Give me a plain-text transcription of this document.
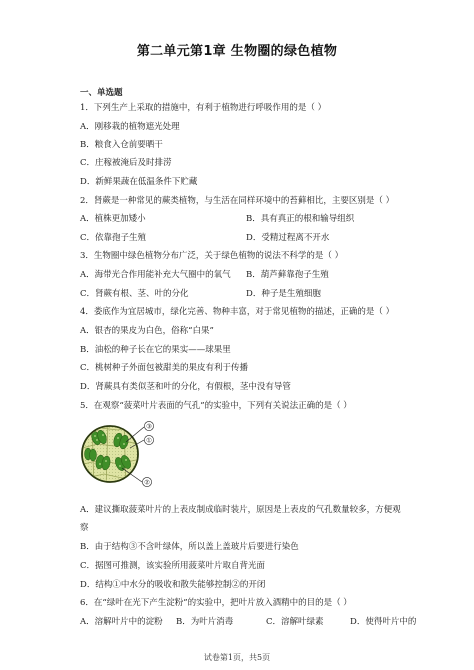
第二单元第1章 生物圈的绿色植物
一、单选题
1．下列生产上采取的措施中，有利于植物进行呼吸作用的是（ ）
A．刚移栽的植物遮光处理
B．粮食入仓前要晒干
C．庄稼被淹后及时排涝
D．新鲜果蔬在低温条件下贮藏
2．肾蕨是一种常见的蕨类植物，与生活在同样环境中的苔藓相比，主要区别是（ ）
A．植株更加矮小	B．具有真正的根和输导组织
C．依靠孢子生殖	D．受精过程离不开水
3．生物圈中绿色植物分布广泛，关于绿色植物的说法不科学的是（ ）
A．海带光合作用能补充大气圈中的氧气 B．葫芦藓靠孢子生殖
C．肾蕨有根、茎、叶的分化	D．种子是生殖细胞
4．娄底作为宜居城市，绿化完善、物种丰富，对于常见植物的描述，正确的是（ ）
A．银杏的果皮为白色，俗称“白果”
B．油松的种子长在它的果实——球果里
C．桃树种子外面包被甜美的果皮有利于传播
D．肾蕨具有类似茎和叶的分化，有假根，茎中没有导管
5．在观察“菠菜叶片表面的气孔”的实验中，下列有关说法正确的是（ ）
③
①
②
A．建议撕取菠菜叶片的上表皮制成临时装片，原因是上表皮的气孔数量较多，方便观
察
B．由于结构③不含叶绿体，所以盖上盖玻片后要进行染色
C．据图可推测，该实验所用菠菜叶片取自背光面
D．结构①中水分的吸收和散失能够控制②的开闭
6．在“绿叶在光下产生淀粉”的实验中，把叶片放入酒精中的目的是（ ）
A．溶解叶片中的淀粉 B．为叶片消毒	C．溶解叶绿素	D．使得叶片中的
试卷第1页，共5页
